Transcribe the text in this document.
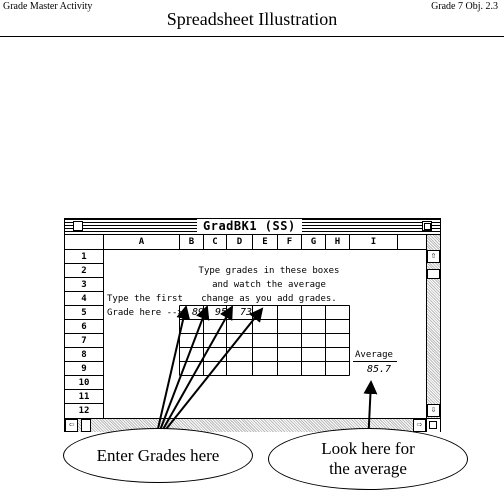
Grade Master Activity	Grade 7 Obj. 2.3
Spreadsheet Illustration
GradBK1 (SS)
A	B	C	D	E	F	G	H	I
1
2
3
4
5
6
7
8
9
10
11
12
Type grades in these boxes
and watch the average
change as you add grades.
Type the first
Grade here --> 89 95 73
Average
85.7
⇧
⇩
⇦	⇨
Enter Grades here	Look here for the average
